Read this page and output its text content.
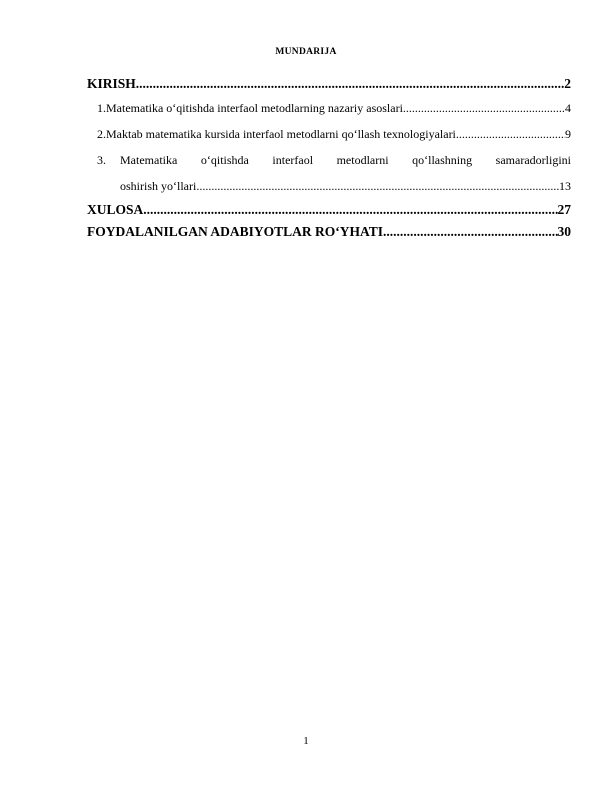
MUNDARIJA
KIRISH .....	2
1. Matematika o‘qitishda interfaol metodlarning nazariy asoslari .....	4
2. Maktab matematika kursida interfaol metodlarni qo‘llash texnologiyalari .....	9
3.	Matematika o‘qitishda interfaol metodlarni qo‘llashning samaradorligini
oshirish yo‘llari .....	13
XULOSA .....	27
FOYDALANILGAN ADABIYOTLAR RO‘YHATI .....	30
1
